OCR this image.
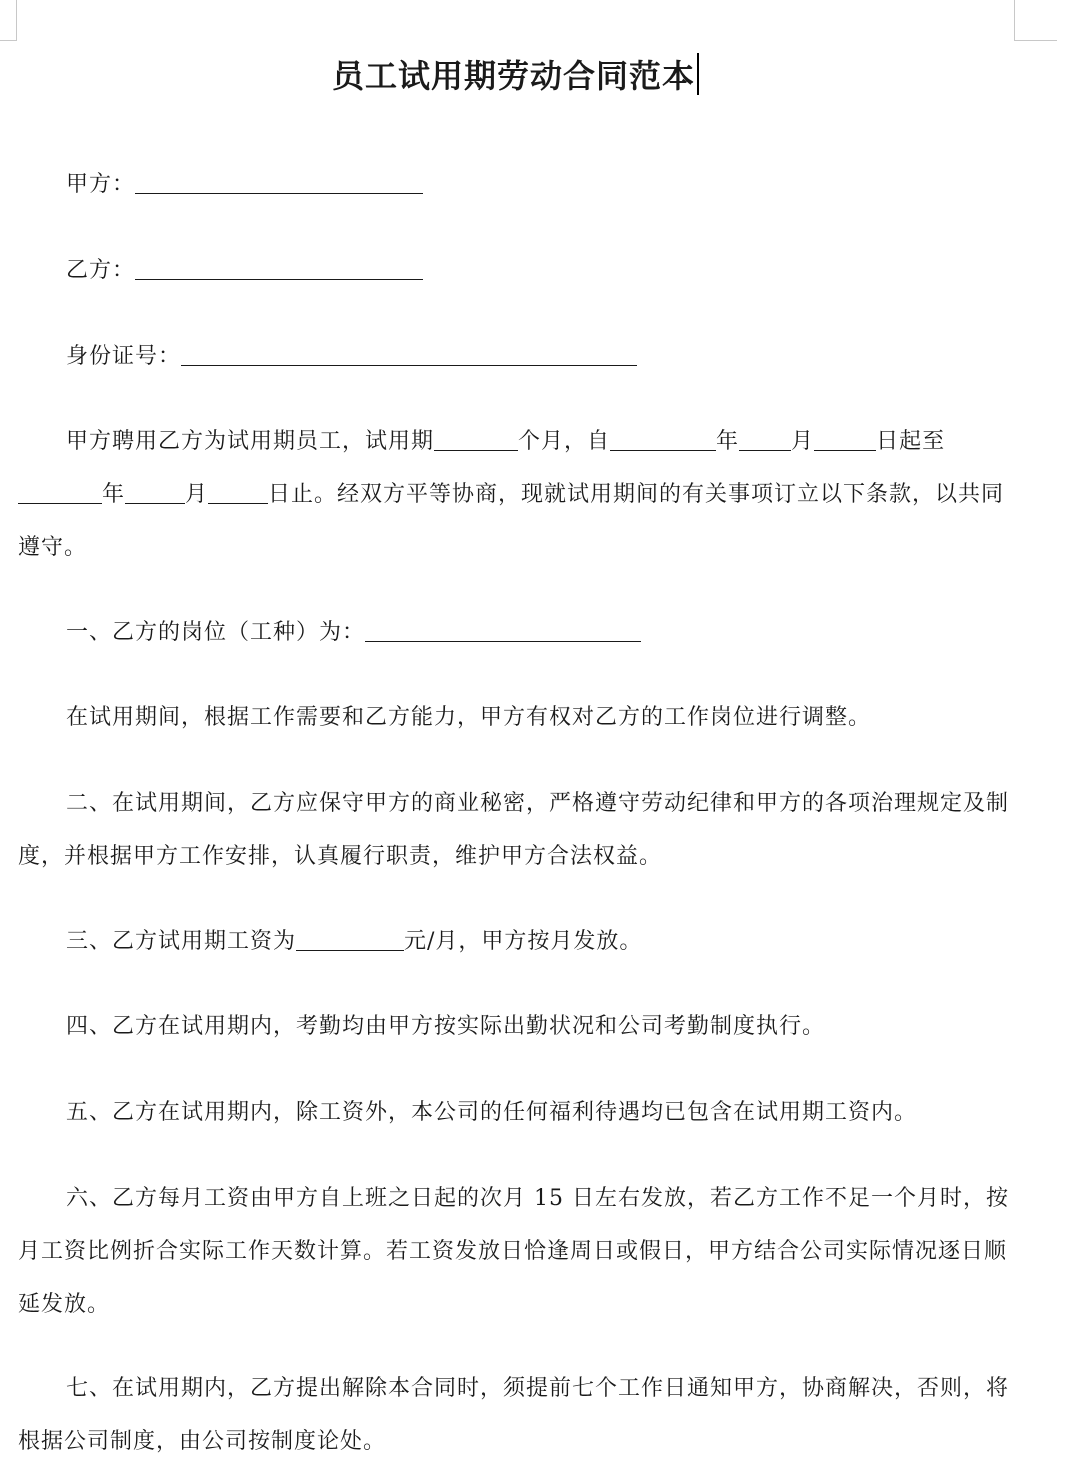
员工试用期劳动合同范本
甲方：
乙方：
身份证号：
甲方聘用乙方为试用期员工，试用期	个月，自	年 月	日起至年	月	日止。经双方平等协商，现就试用期间的有关事项订立以下条款，以共同遵守。
一、乙方的岗位（工种）为：
在试用期间，根据工作需要和乙方能力，甲方有权对乙方的工作岗位进行调整。
二、在试用期间，乙方应保守甲方的商业秘密，严格遵守劳动纪律和甲方的各项治理规定及制度，并根据甲方工作安排，认真履行职责，维护甲方合法权益。
三、乙方试用期工资为	元/月，甲方按月发放。
四、乙方在试用期内，考勤均由甲方按实际出勤状况和公司考勤制度执行。
五、乙方在试用期内，除工资外，本公司的任何福利待遇均已包含在试用期工资内。
六、乙方每月工资由甲方自上班之日起的次月 15 日左右发放，若乙方工作不足一个月时，按月工资比例折合实际工作天数计算。若工资发放日恰逢周日或假日，甲方结合公司实际情况逐日顺延发放。
七、在试用期内，乙方提出解除本合同时，须提前七个工作日通知甲方，协商解决，否则，将根据公司制度，由公司按制度论处。
